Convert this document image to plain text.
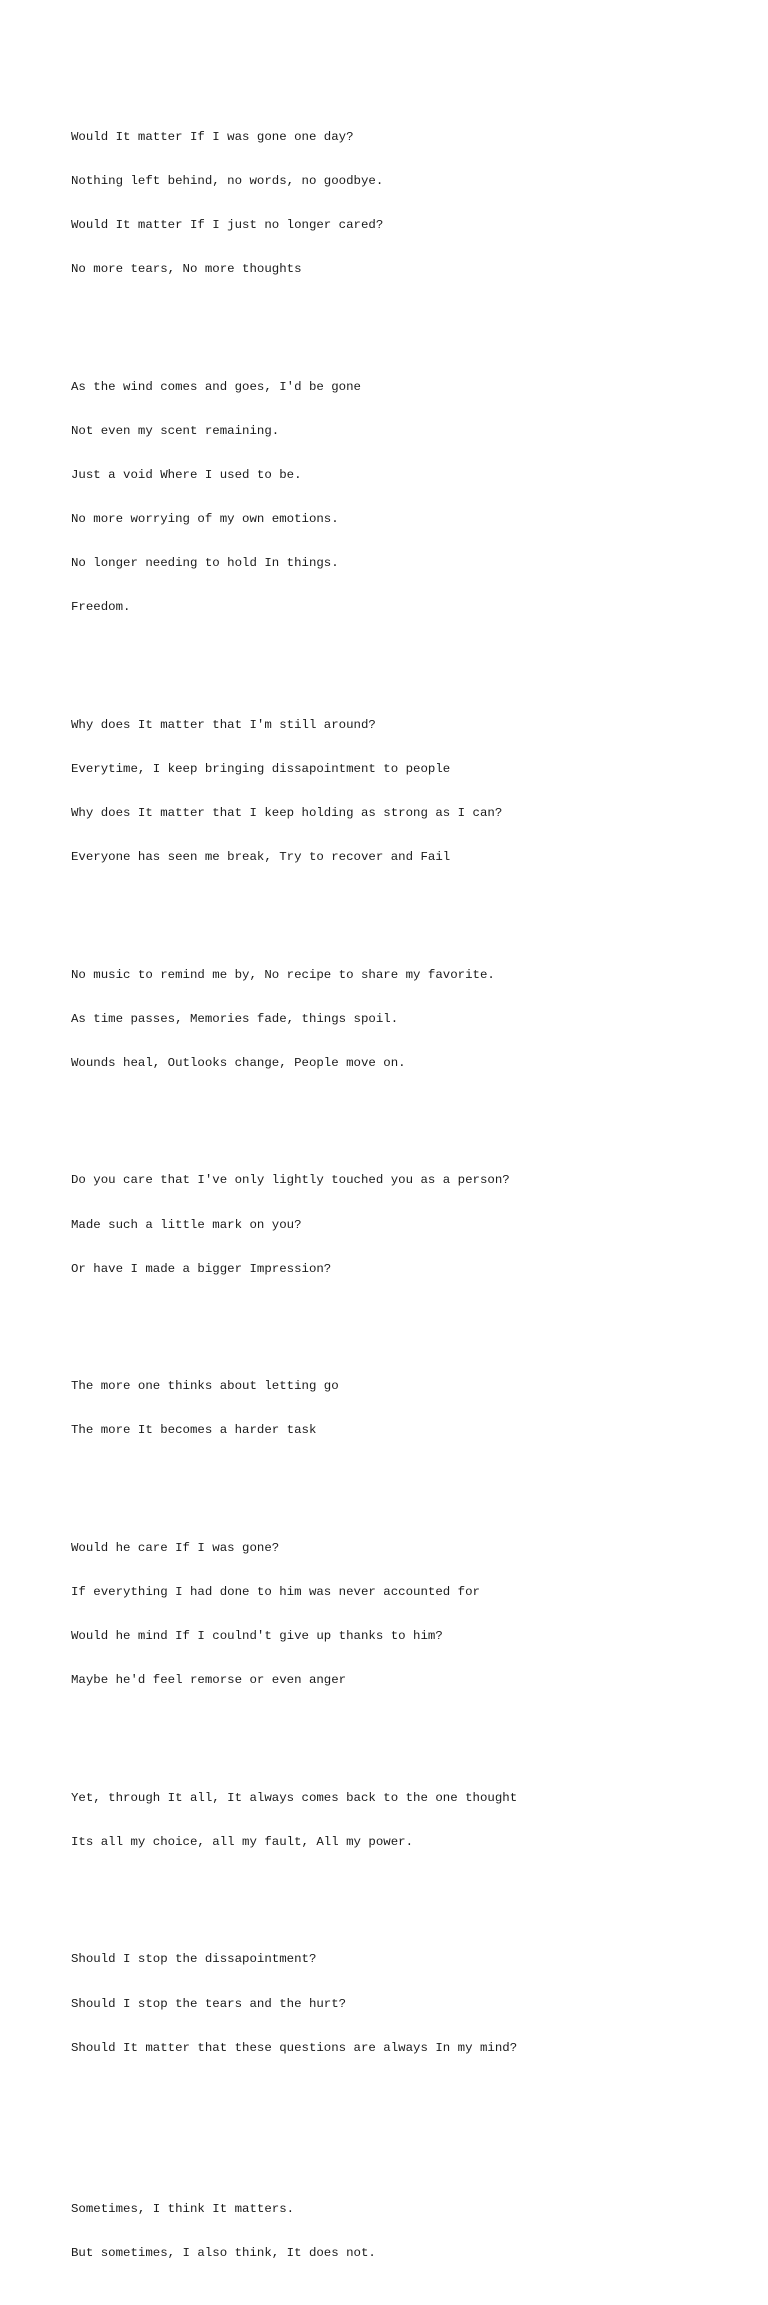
Would It matter If I was gone one day?

Nothing left behind, no words, no goodbye.

Would It matter If I just no longer cared?

No more tears, No more thoughts

As the wind comes and goes, I'd be gone

Not even my scent remaining.

Just a void Where I used to be.

No more worrying of my own emotions.

No longer needing to hold In things.

Freedom.

Why does It matter that I'm still around?

Everytime, I keep bringing dissapointment to people

Why does It matter that I keep holding as strong as I can?

Everyone has seen me break, Try to recover and Fail

No music to remind me by, No recipe to share my favorite.

As time passes, Memories fade, things spoil.

Wounds heal, Outlooks change, People move on.

Do you care that I've only lightly touched you as a person?

Made such a little mark on you?

Or have I made a bigger Impression?

The more one thinks about letting go

The more It becomes a harder task

Would he care If I was gone?

If everything I had done to him was never accounted for

Would he mind If I coulnd't give up thanks to him?

Maybe he'd feel remorse or even anger

Yet, through It all, It always comes back to the one thought

Its all my choice, all my fault, All my power.

Should I stop the dissapointment?

Should I stop the tears and the hurt?

Should It matter that these questions are always In my mind?

Sometimes, I think It matters.

But sometimes, I also think, It does not.
